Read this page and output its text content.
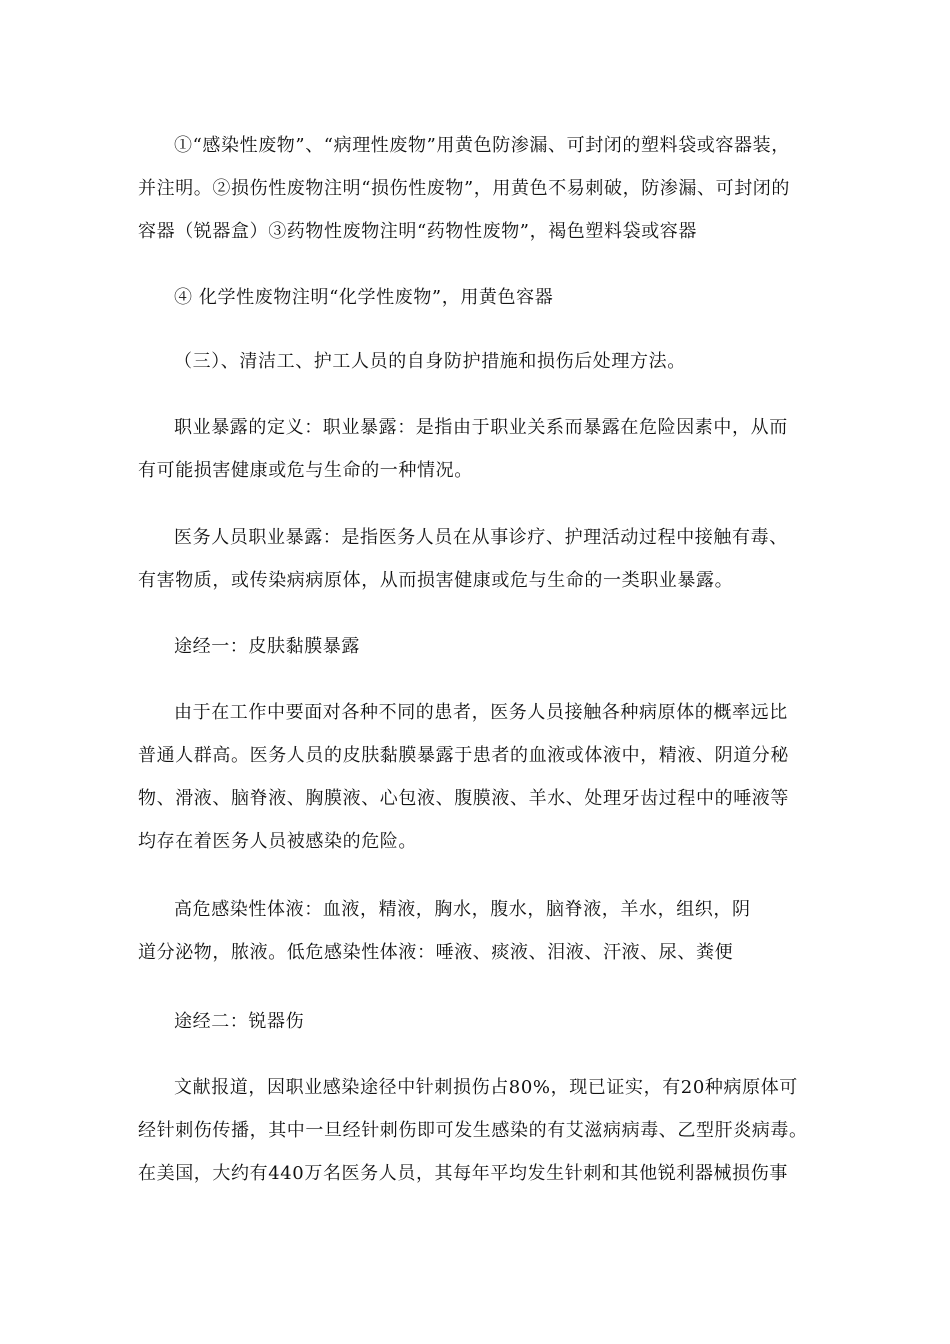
①“感染性废物”、“病理性废物”用黄色防渗漏、可封闭的塑料袋或容器装，
并注明。②损伤性废物注明“损伤性废物”，用黄色不易刺破，防渗漏、可封闭的
容器（锐器盒）③药物性废物注明“药物性废物”，褐色塑料袋或容器
④ 化学性废物注明“化学性废物”，用黄色容器
（三）、清洁工、护工人员的自身防护措施和损伤后处理方法。
职业暴露的定义：职业暴露：是指由于职业关系而暴露在危险因素中，从而
有可能损害健康或危与生命的一种情况。
医务人员职业暴露：是指医务人员在从事诊疗、护理活动过程中接触有毒、
有害物质，或传染病病原体，从而损害健康或危与生命的一类职业暴露。
途经一：皮肤黏膜暴露
由于在工作中要面对各种不同的患者，医务人员接触各种病原体的概率远比
普通人群高。医务人员的皮肤黏膜暴露于患者的血液或体液中，精液、阴道分秘
物、滑液、脑脊液、胸膜液、心包液、腹膜液、羊水、处理牙齿过程中的唾液等
均存在着医务人员被感染的危险。
高危感染性体液：血液，精液，胸水，腹水，脑脊液，羊水，组织，阴
道分泌物，脓液。低危感染性体液：唾液、痰液、泪液、汗液、尿、粪便
途经二：锐器伤
文献报道，因职业感染途径中针刺损伤占80%，现已证实，有20种病原体可
经针刺伤传播，其中一旦经针刺伤即可发生感染的有艾滋病病毒、乙型肝炎病毒。
在美国，大约有440万名医务人员，其每年平均发生针刺和其他锐利器械损伤事
